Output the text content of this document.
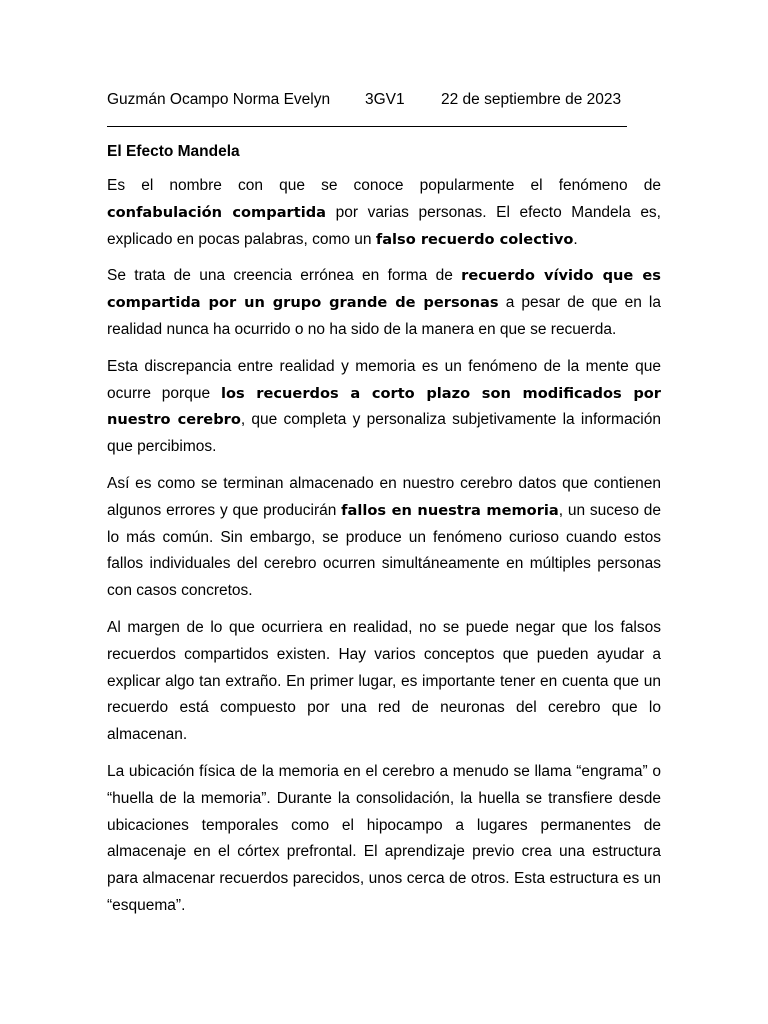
Guzmán Ocampo Norma Evelyn 3GV1 22 de septiembre de 2023
El Efecto Mandela

Es el nombre con que se conoce popularmente el fenómeno de confabulación compartida por varias personas. El efecto Mandela es, explicado en pocas palabras, como un falso recuerdo colectivo.

Se trata de una creencia errónea en forma de recuerdo vívido que es compartida por un grupo grande de personas a pesar de que en la realidad nunca ha ocurrido o no ha sido de la manera en que se recuerda.

Esta discrepancia entre realidad y memoria es un fenómeno de la mente que ocurre porque los recuerdos a corto plazo son modificados por nuestro cerebro, que completa y personaliza subjetivamente la información que percibimos.

Así es como se terminan almacenado en nuestro cerebro datos que contienen algunos errores y que producirán fallos en nuestra memoria, un suceso de lo más común. Sin embargo, se produce un fenómeno curioso cuando estos fallos individuales del cerebro ocurren simultáneamente en múltiples personas con casos concretos.

Al margen de lo que ocurriera en realidad, no se puede negar que los falsos recuerdos compartidos existen. Hay varios conceptos que pueden ayudar a explicar algo tan extraño. En primer lugar, es importante tener en cuenta que un recuerdo está compuesto por una red de neuronas del cerebro que lo almacenan.

La ubicación física de la memoria en el cerebro a menudo se llama “engrama” o “huella de la memoria”. Durante la consolidación, la huella se transfiere desde ubicaciones temporales como el hipocampo a lugares permanentes de almacenaje en el córtex prefrontal. El aprendizaje previo crea una estructura para almacenar recuerdos parecidos, unos cerca de otros. Esta estructura es un “esquema”.
